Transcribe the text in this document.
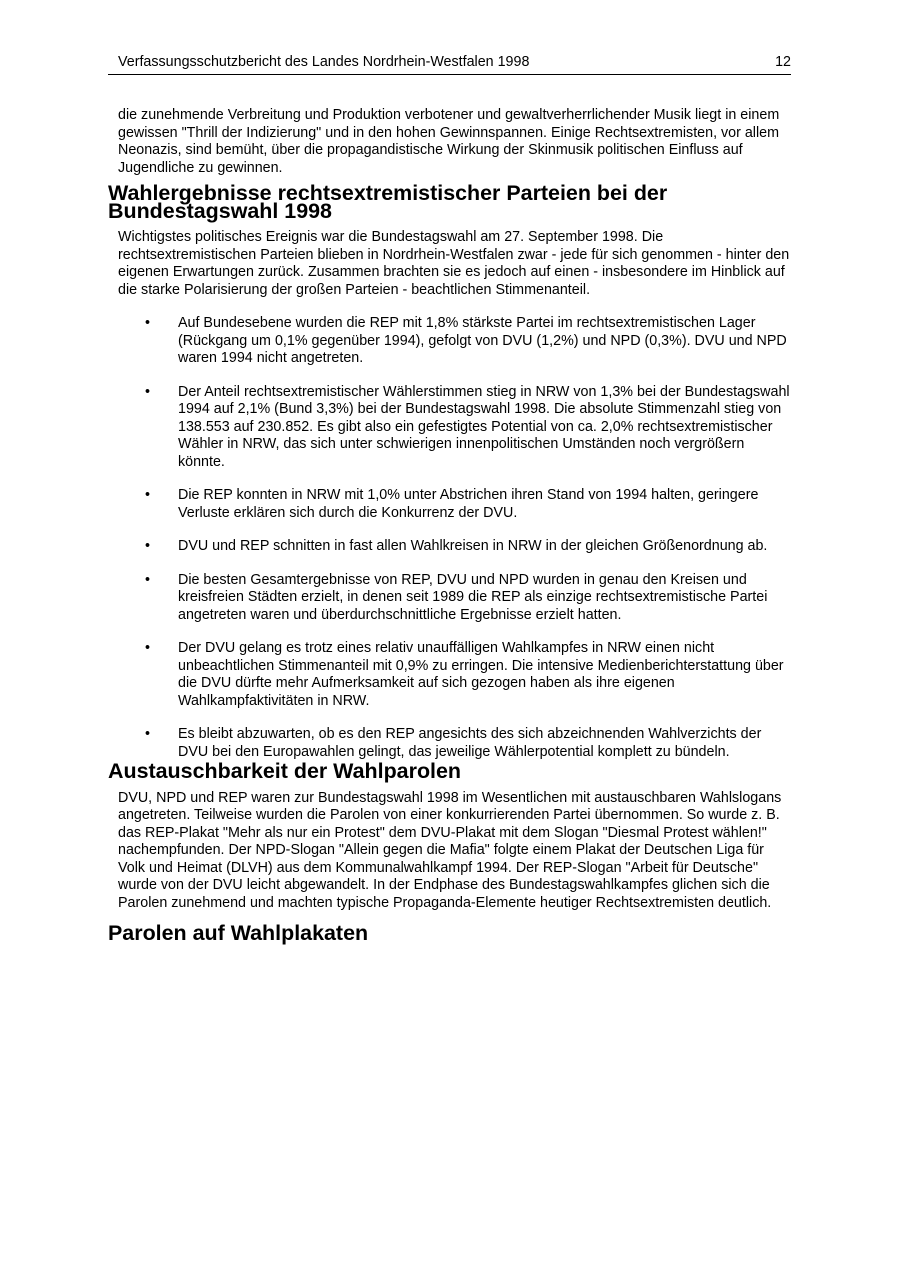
Verfassungsschutzbericht des Landes Nordrhein-Westfalen 1998	12

die zunehmende Verbreitung und Produktion verbotener und gewaltverherrlichender Musik liegt in einem gewissen "Thrill der Indizierung" und in den hohen Gewinnspannen. Einige Rechtsextremisten, vor allem Neonazis, sind bemüht, über die propagandistische Wirkung der Skinmusik politischen Einfluss auf Jugendliche zu gewinnen.

Wahlergebnisse rechtsextremistischer Parteien bei der Bundestagswahl 1998

Wichtigstes politisches Ereignis war die Bundestagswahl am 27. September 1998. Die rechtsextremistischen Parteien blieben in Nordrhein-Westfalen zwar - jede für sich genommen - hinter den eigenen Erwartungen zurück. Zusammen brachten sie es jedoch auf einen - insbesondere im Hinblick auf die starke Polarisierung der großen Parteien - beachtlichen Stimmenanteil.

• Auf Bundesebene wurden die REP mit 1,8% stärkste Partei im rechtsextremistischen Lager (Rückgang um 0,1% gegenüber 1994), gefolgt von DVU (1,2%) und NPD (0,3%). DVU und NPD waren 1994 nicht angetreten.
• Der Anteil rechtsextremistischer Wählerstimmen stieg in NRW von 1,3% bei der Bundestagswahl 1994 auf 2,1% (Bund 3,3%) bei der Bundestagswahl 1998. Die absolute Stimmenzahl stieg von 138.553 auf 230.852. Es gibt also ein gefestigtes Potential von ca. 2,0% rechtsextremistischer Wähler in NRW, das sich unter schwierigen innenpolitischen Umständen noch vergrößern könnte.
• Die REP konnten in NRW mit 1,0% unter Abstrichen ihren Stand von 1994 halten, geringere Verluste erklären sich durch die Konkurrenz der DVU.
• DVU und REP schnitten in fast allen Wahlkreisen in NRW in der gleichen Größenordnung ab.
• Die besten Gesamtergebnisse von REP, DVU und NPD wurden in genau den Kreisen und kreisfreien Städten erzielt, in denen seit 1989 die REP als einzige rechtsextremistische Partei angetreten waren und überdurchschnittliche Ergebnisse erzielt hatten.
• Der DVU gelang es trotz eines relativ unauffälligen Wahlkampfes in NRW einen nicht unbeachtlichen Stimmenanteil mit 0,9% zu erringen. Die intensive Medienberichterstattung über die DVU dürfte mehr Aufmerksamkeit auf sich gezogen haben als ihre eigenen Wahlkampfaktivitäten in NRW.
• Es bleibt abzuwarten, ob es den REP angesichts des sich abzeichnenden Wahlverzichts der DVU bei den Europawahlen gelingt, das jeweilige Wählerpotential komplett zu bündeln.
Austauschbarkeit der Wahlparolen

DVU, NPD und REP waren zur Bundestagswahl 1998 im Wesentlichen mit austauschbaren Wahlslogans angetreten. Teilweise wurden die Parolen von einer konkurrierenden Partei übernommen. So wurde z. B. das REP-Plakat "Mehr als nur ein Protest" dem DVU-Plakat mit dem Slogan "Diesmal Protest wählen!" nachempfunden. Der NPD-Slogan "Allein gegen die Mafia" folgte einem Plakat der Deutschen Liga für Volk und Heimat (DLVH) aus dem Kommunalwahlkampf 1994. Der REP-Slogan "Arbeit für Deutsche" wurde von der DVU leicht abgewandelt. In der Endphase des Bundestagswahlkampfes glichen sich die Parolen zunehmend und machten typische Propaganda-Elemente heutiger Rechtsextremisten deutlich.

Parolen auf Wahlplakaten
